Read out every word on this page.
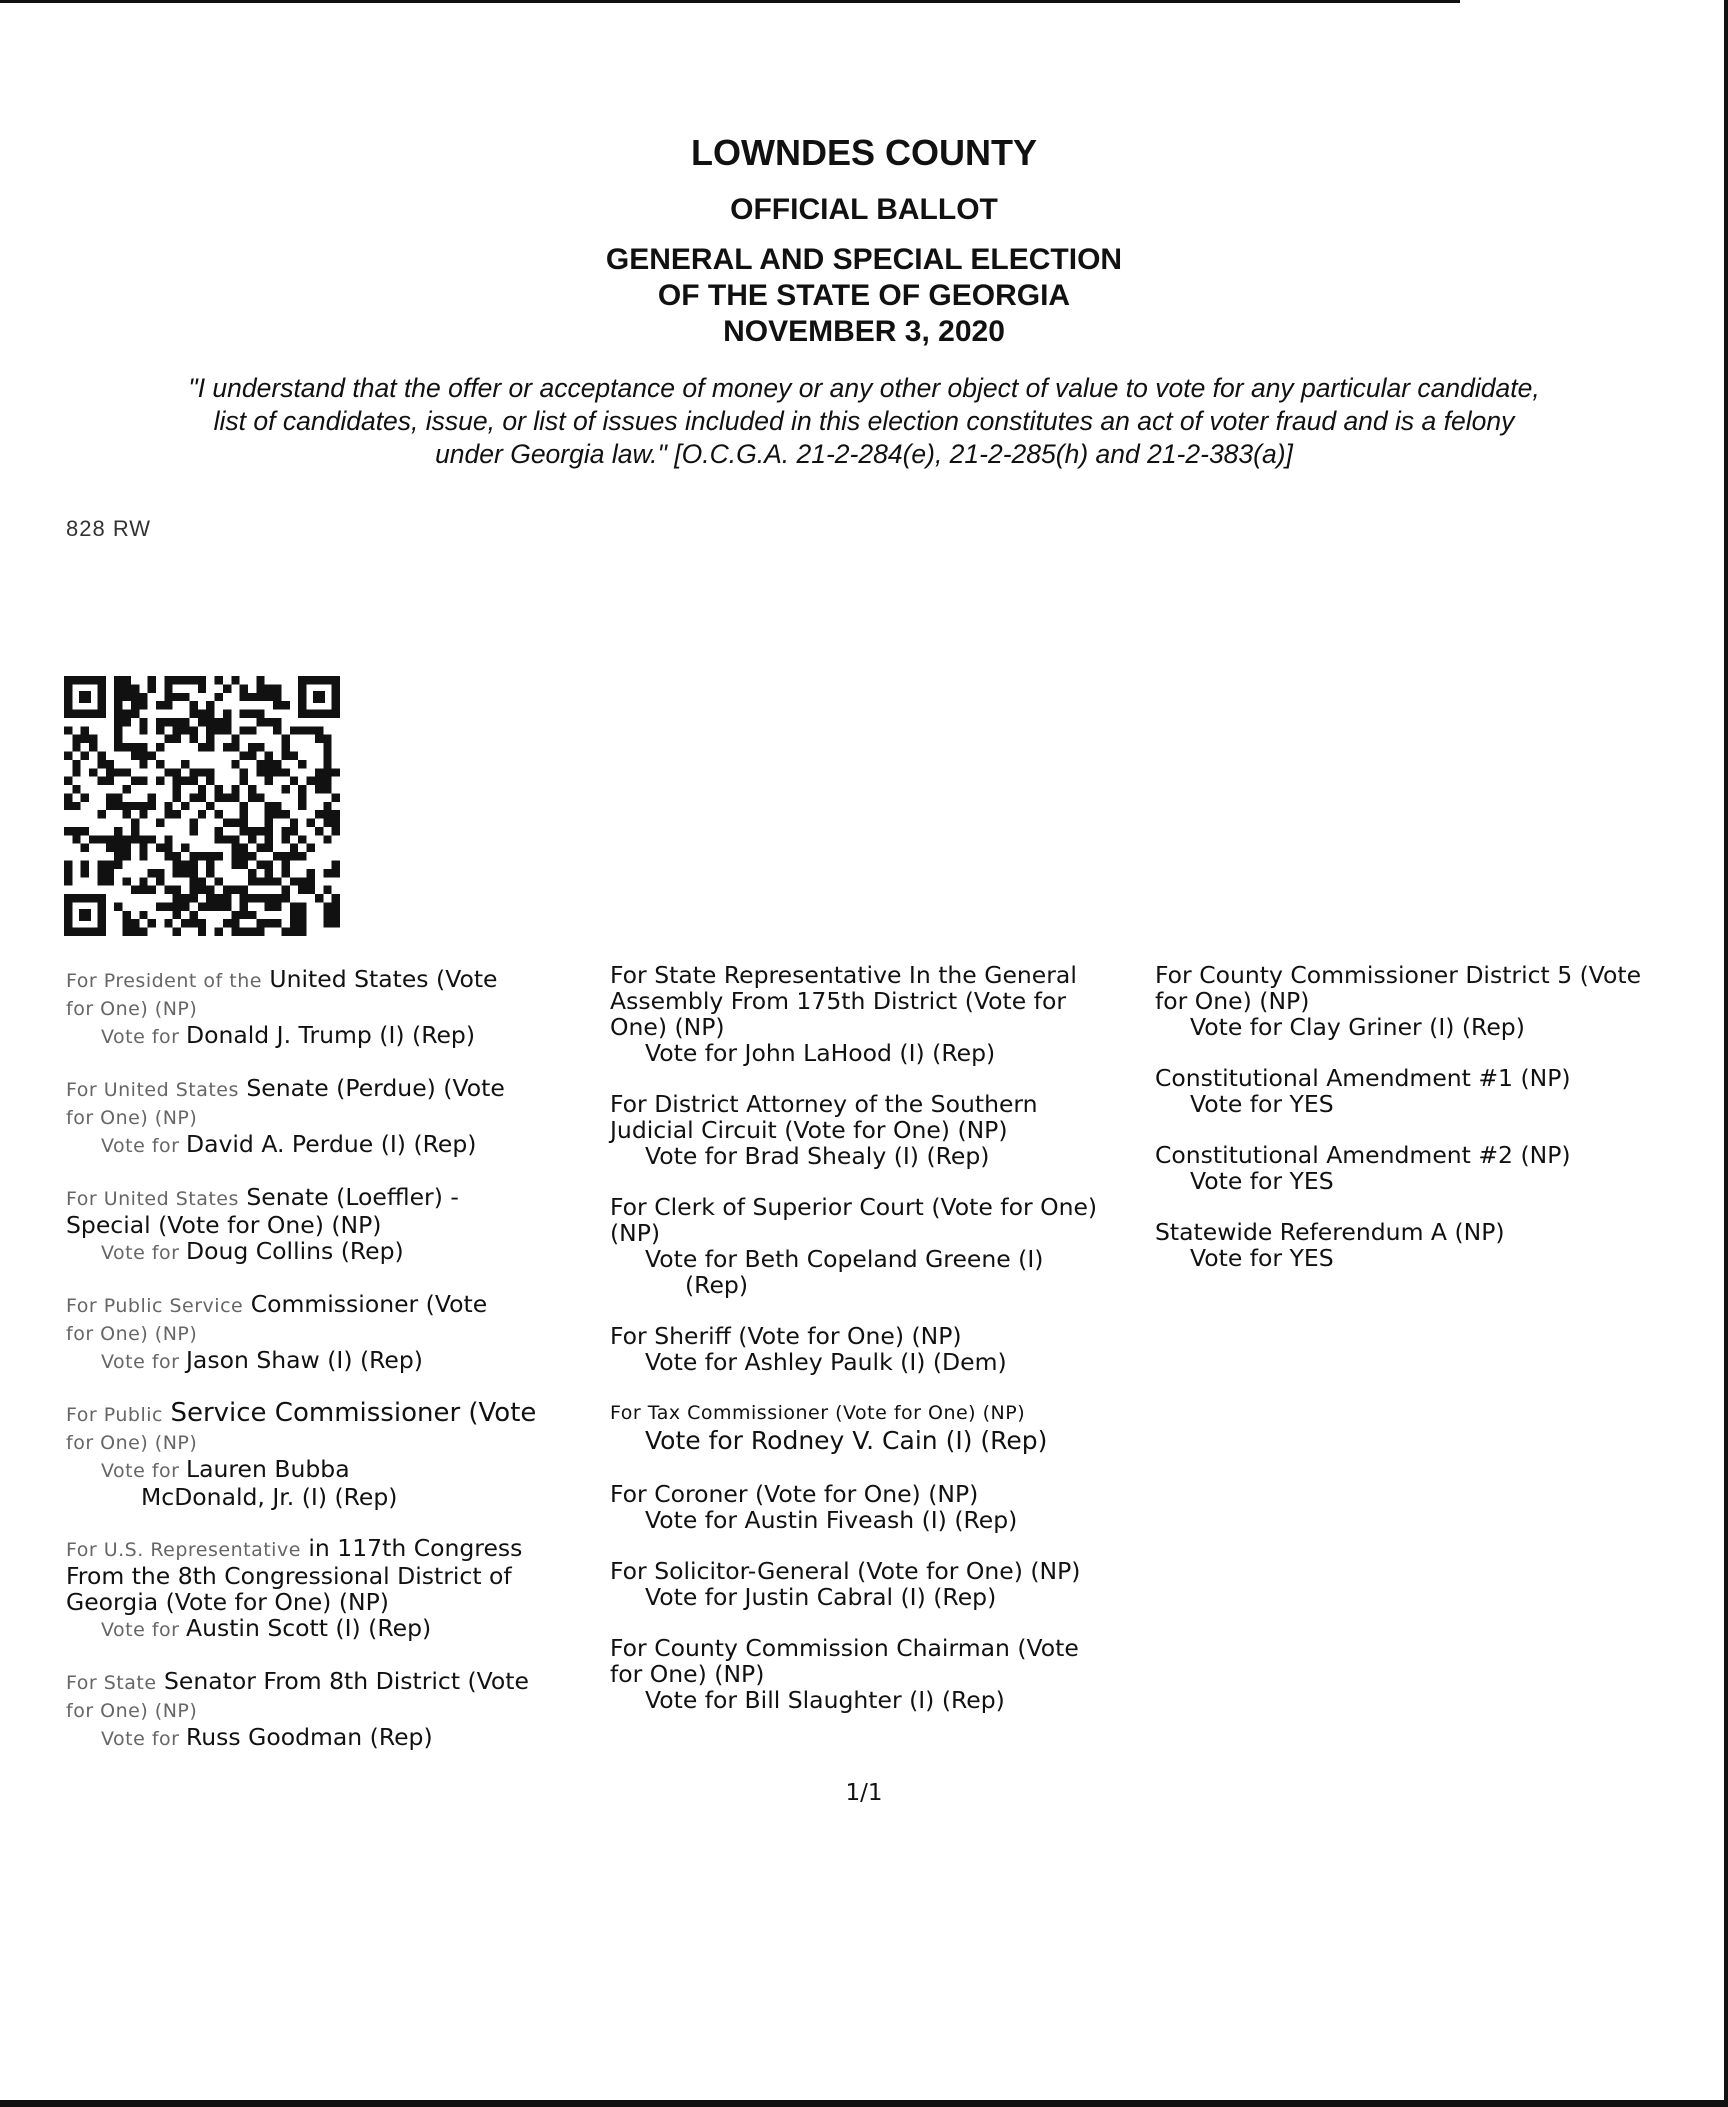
LOWNDES COUNTY
OFFICIAL BALLOT
GENERAL AND SPECIAL ELECTION
OF THE STATE OF GEORGIA
NOVEMBER 3, 2020
"I understand that the offer or acceptance of money or any other object of value to vote for any particular candidate,
list of candidates, issue, or list of issues included in this election constitutes an act of voter fraud and is a felony
under Georgia law." [O.C.G.A. 21-2-284(e), 21-2-285(h) and 21-2-383(a)]
828 RW
For President of the United States (Vote
for One) (NP)
Vote for Donald J. Trump (I) (Rep)
For United States Senate (Perdue) (Vote
for One) (NP)
Vote for David A. Perdue (I) (Rep)
For United States Senate (Loeffler) -
Special (Vote for One) (NP)
Vote for Doug Collins (Rep)
For Public Service Commissioner (Vote
for One) (NP)
Vote for Jason Shaw (I) (Rep)
For Public Service Commissioner (Vote
for One) (NP)
Vote for Lauren Bubba
McDonald, Jr. (I) (Rep)
For U.S. Representative in 117th Congress
From the 8th Congressional District of
Georgia (Vote for One) (NP)
Vote for Austin Scott (I) (Rep)
For State Senator From 8th District (Vote
for One) (NP)
Vote for Russ Goodman (Rep)
For State Representative In the General
Assembly From 175th District (Vote for
One) (NP)
Vote for John LaHood (I) (Rep)
For District Attorney of the Southern
Judicial Circuit (Vote for One) (NP)
Vote for Brad Shealy (I) (Rep)
For Clerk of Superior Court (Vote for One)
(NP)
Vote for Beth Copeland Greene (I)
(Rep)
For Sheriff (Vote for One) (NP)
Vote for Ashley Paulk (I) (Dem)
For Tax Commissioner (Vote for One) (NP)
Vote for Rodney V. Cain (I) (Rep)
For Coroner (Vote for One) (NP)
Vote for Austin Fiveash (I) (Rep)
For Solicitor-General (Vote for One) (NP)
Vote for Justin Cabral (I) (Rep)
For County Commission Chairman (Vote
for One) (NP)
Vote for Bill Slaughter (I) (Rep)
For County Commissioner District 5 (Vote
for One) (NP)
Vote for Clay Griner (I) (Rep)
Constitutional Amendment #1 (NP)
Vote for YES
Constitutional Amendment #2 (NP)
Vote for YES
Statewide Referendum A (NP)
Vote for YES
1/1
